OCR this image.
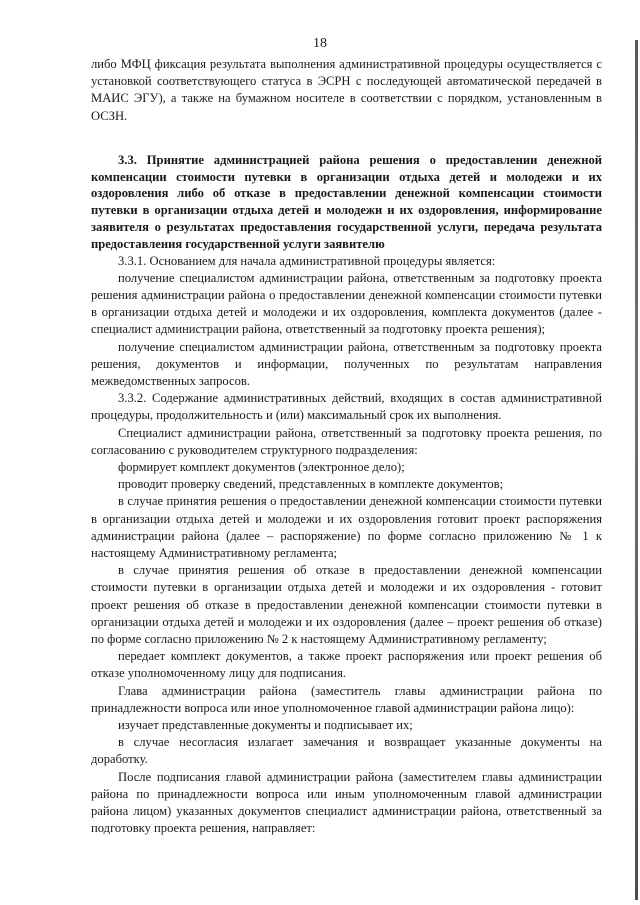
18

либо МФЦ фиксация результата выполнения административной процедуры осуществляется с установкой соответствующего статуса в ЭСРН с последующей автоматической передачей в МАИС ЭГУ), а также на бумажном носителе в соответствии с порядком, установленным в ОСЗН.

3.3. Принятие администрацией района решения о предоставлении денежной компенсации стоимости путевки в организации отдыха детей и молодежи и их оздоровления либо об отказе в предоставлении денежной компенсации стоимости путевки в организации отдыха детей и молодежи и их оздоровления, информирование заявителя о результатах предоставления государственной услуги, передача результата предоставления государственной услуги заявителю

3.3.1. Основанием для начала административной процедуры является:

получение специалистом администрации района, ответственным за подготовку проекта решения администрации района о предоставлении денежной компенсации стоимости путевки в организации отдыха детей и молодежи и их оздоровления, комплекта документов (далее - специалист администрации района, ответственный за подготовку проекта решения);

получение специалистом администрации района, ответственным за подготовку проекта решения, документов и информации, полученных по результатам направления межведомственных запросов.

3.3.2. Содержание административных действий, входящих в состав административной процедуры, продолжительность и (или) максимальный срок их выполнения.

Специалист администрации района, ответственный за подготовку проекта решения, по согласованию с руководителем структурного подразделения:

формирует комплект документов (электронное дело);

проводит проверку сведений, представленных в комплекте документов;

в случае принятия решения о предоставлении денежной компенсации стоимости путевки в организации отдыха детей и молодежи и их оздоровления готовит проект распоряжения администрации района (далее – распоряжение) по форме согласно приложению № 1 к настоящему Административному регламента;

в случае принятия решения об отказе в предоставлении денежной компенсации стоимости путевки в организации отдыха детей и молодежи и их оздоровления - готовит проект решения об отказе в предоставлении денежной компенсации стоимости путевки в организации отдыха детей и молодежи и их оздоровления (далее – проект решения об отказе) по форме согласно приложению № 2 к настоящему Административному регламенту;

передает комплект документов, а также проект распоряжения или проект решения об отказе уполномоченному лицу для подписания.

Глава администрации района (заместитель главы администрации района по принадлежности вопроса или иное уполномоченное главой администрации района лицо):

изучает представленные документы и подписывает их;

в случае несогласия излагает замечания и возвращает указанные документы на доработку.

После подписания главой администрации района (заместителем главы администрации района по принадлежности вопроса или иным уполномоченным главой администрации района лицом) указанных документов специалист администрации района, ответственный за подготовку проекта решения, направляет:
